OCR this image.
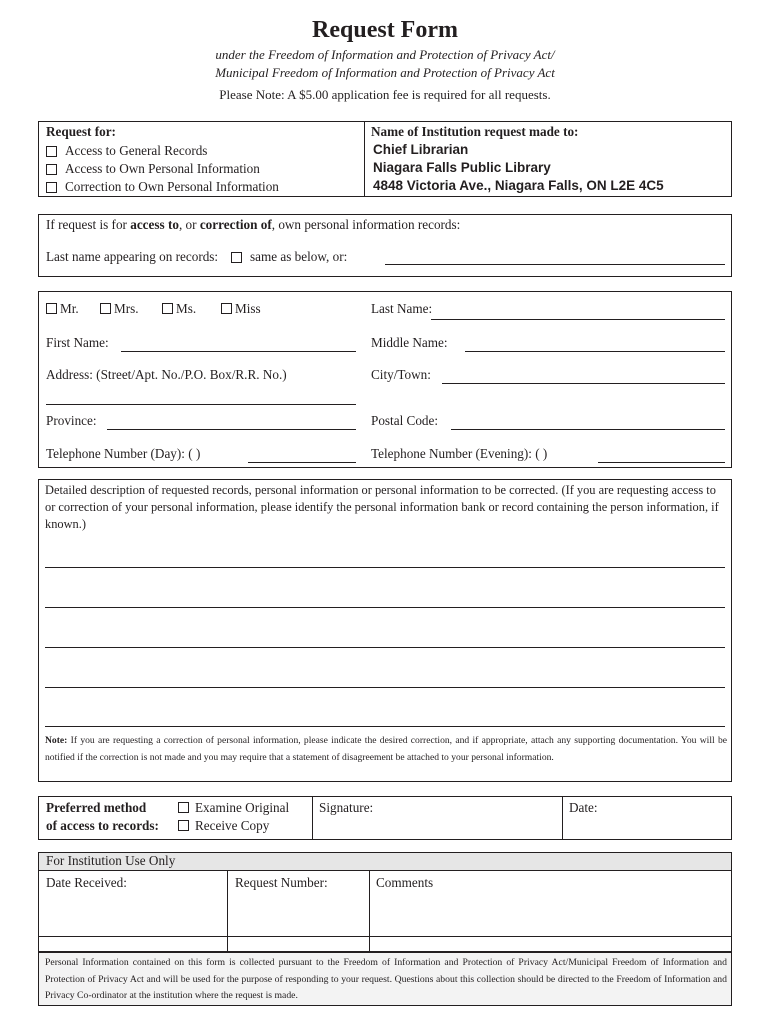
Request Form
under the Freedom of Information and Protection of Privacy Act/
Municipal Freedom of Information and Protection of Privacy Act
Please Note: A $5.00 application fee is required for all requests.
Request for:
Access to General Records
Access to Own Personal Information
Correction to Own Personal Information
Name of Institution request made to:
Chief Librarian
Niagara Falls Public Library
4848 Victoria Ave., Niagara Falls, ON L2E 4C5
If request is for access to, or correction of, own personal information records:
Last name appearing on records: same as below, or:
Mr.	Mrs.	Ms.	Miss	Last Name:
First Name:	Middle Name:
Address: (Street/Apt. No./P.O. Box/R.R. No.)	City/Town:
Province:	Postal Code:
Telephone Number (Day): ( )	Telephone Number (Evening): ( )
Detailed description of requested records, personal information or personal information to be corrected. (If you are requesting access to or correction of your personal information, please identify the personal information bank or record containing the person information, if known.)
Note: If you are requesting a correction of personal information, please indicate the desired correction, and if appropriate, attach any supporting documentation. You will be notified if the correction is not made and you may require that a statement of disagreement be attached to your personal information.
Preferred method
of access to records:
Examine Original
Receive Copy
Signature:	Date:
For Institution Use Only
Date Received:	Request Number:	Comments
Personal Information contained on this form is collected pursuant to the Freedom of Information and Protection of Privacy Act/Municipal Freedom of Information and Protection of Privacy Act and will be used for the purpose of responding to your request. Questions about this collection should be directed to the Freedom of Information and Privacy Co-ordinator at the institution where the request is made.
